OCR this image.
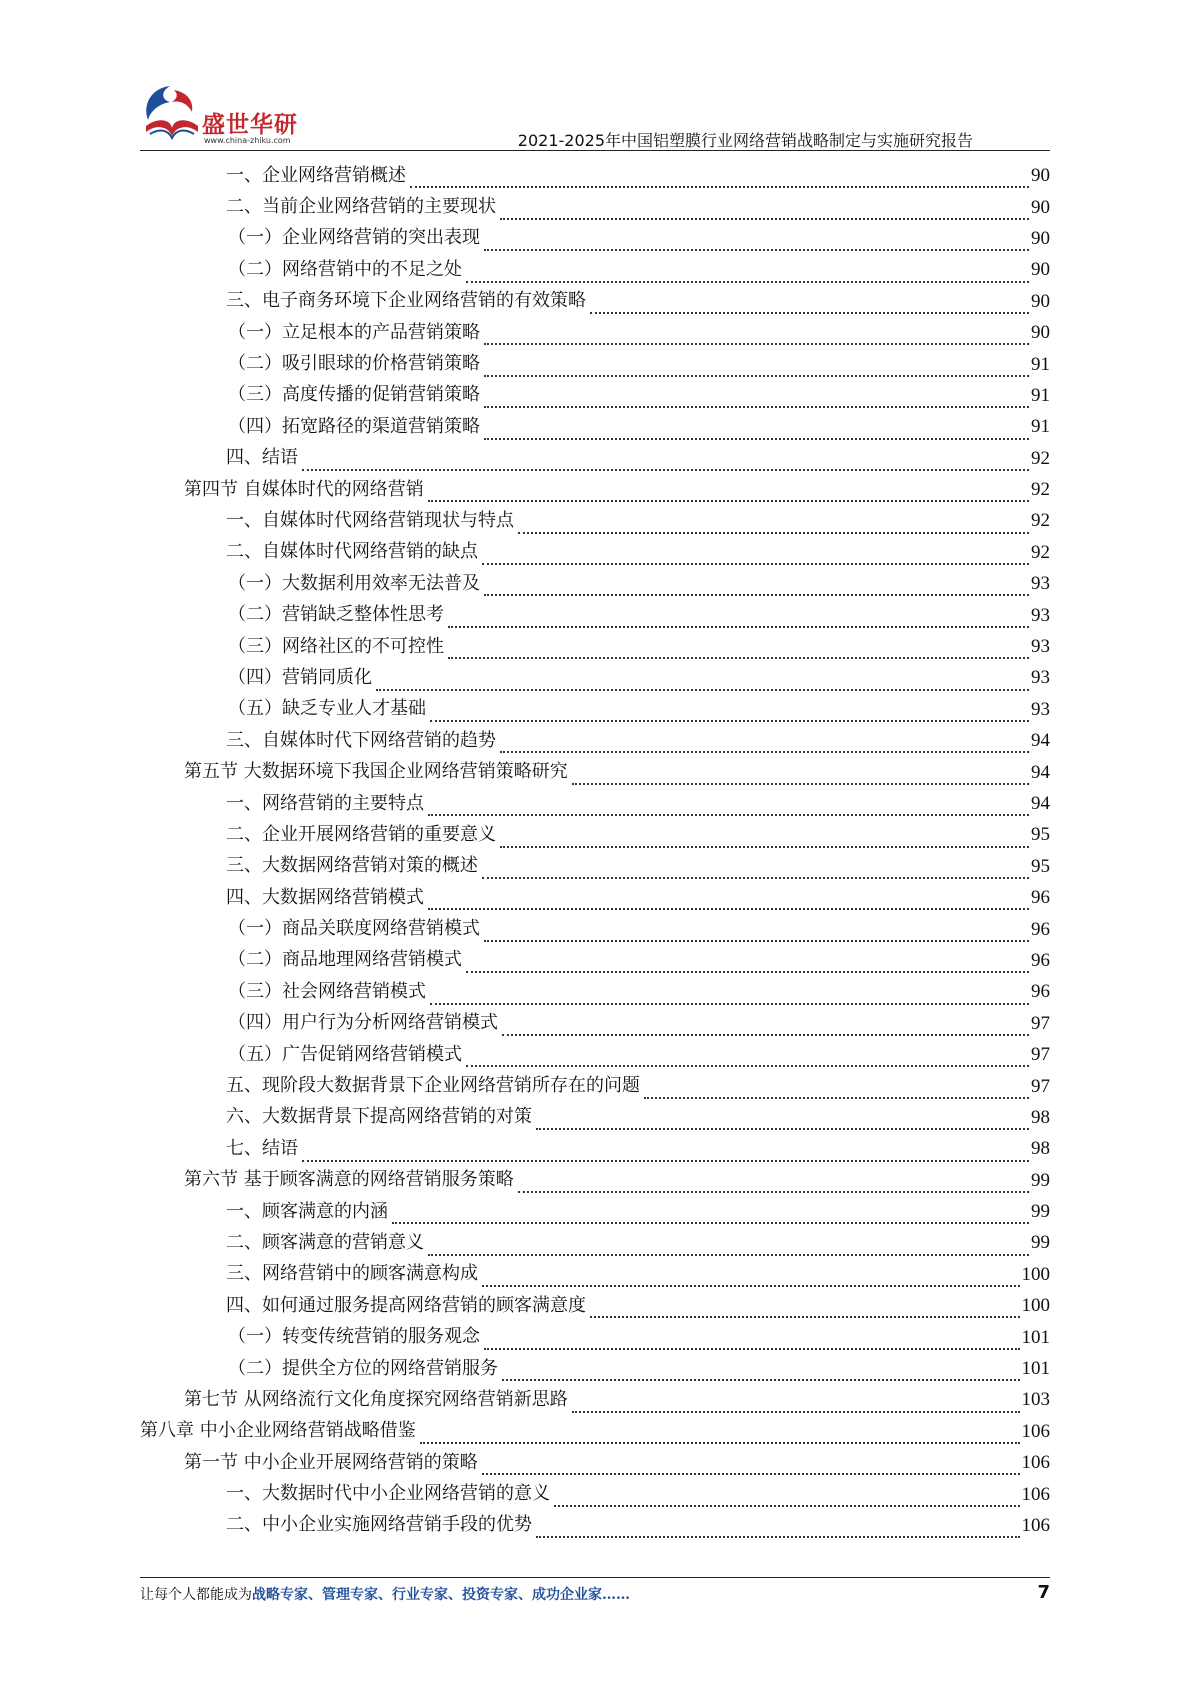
盛世华研
www.china-zhiku.com	2021-2025年中国铝塑膜行业网络营销战略制定与实施研究报告
一、企业网络营销概述	90
二、当前企业网络营销的主要现状	90
（一）企业网络营销的突出表现	90
（二）网络营销中的不足之处	90
三、电子商务环境下企业网络营销的有效策略	90
（一）立足根本的产品营销策略	90
（二）吸引眼球的价格营销策略	91
（三）高度传播的促销营销策略	91
（四）拓宽路径的渠道营销策略	91
四、结语	92
第四节 自媒体时代的网络营销	92
一、自媒体时代网络营销现状与特点	92
二、自媒体时代网络营销的缺点	92
（一）大数据利用效率无法普及	93
（二）营销缺乏整体性思考	93
（三）网络社区的不可控性	93
（四）营销同质化	93
（五）缺乏专业人才基础	93
三、自媒体时代下网络营销的趋势	94
第五节 大数据环境下我国企业网络营销策略研究	94
一、网络营销的主要特点	94
二、企业开展网络营销的重要意义	95
三、大数据网络营销对策的概述	95
四、大数据网络营销模式	96
（一）商品关联度网络营销模式	96
（二）商品地理网络营销模式	96
（三）社会网络营销模式	96
（四）用户行为分析网络营销模式	97
（五）广告促销网络营销模式	97
五、现阶段大数据背景下企业网络营销所存在的问题	97
六、大数据背景下提高网络营销的对策	98
七、结语	98
第六节 基于顾客满意的网络营销服务策略	99
一、顾客满意的内涵	99
二、顾客满意的营销意义	99
三、网络营销中的顾客满意构成	100
四、如何通过服务提高网络营销的顾客满意度	100
（一）转变传统营销的服务观念	101
（二）提供全方位的网络营销服务	101
第七节 从网络流行文化角度探究网络营销新思路	103
第八章 中小企业网络营销战略借鉴	106
第一节 中小企业开展网络营销的策略	106
一、大数据时代中小企业网络营销的意义	106
二、中小企业实施网络营销手段的优势	106
让每个人都能成为战略专家、管理专家、行业专家、投资专家、成功企业家……	7
